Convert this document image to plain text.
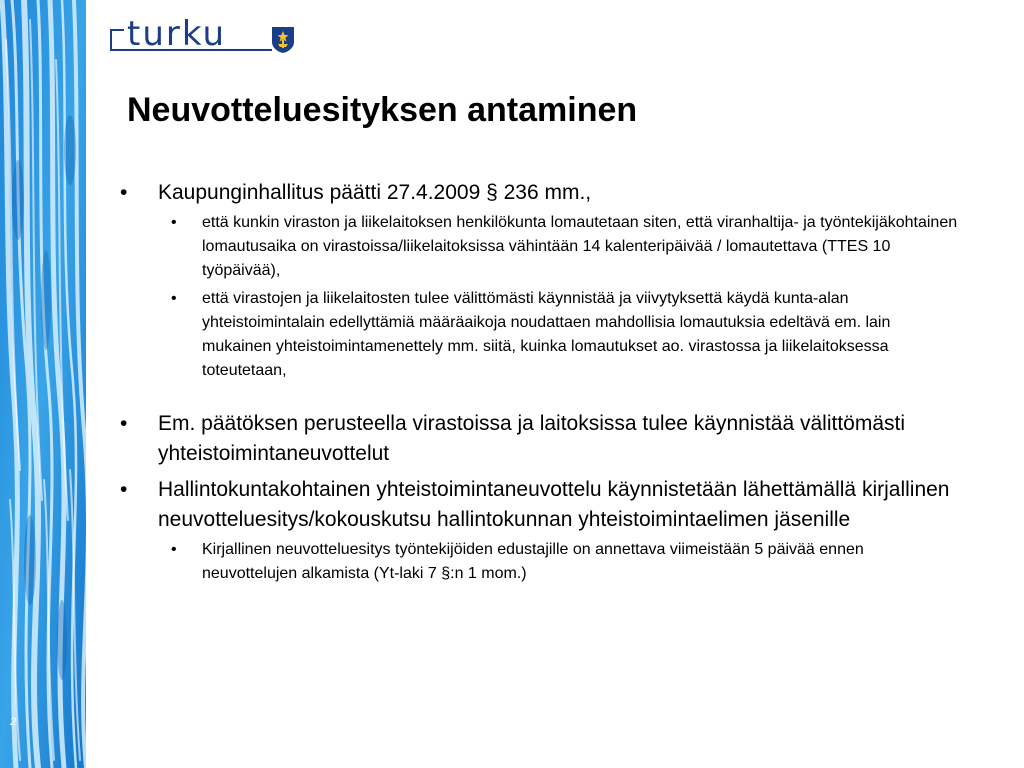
2
turku
Neuvotteluesityksen antaminen
• Kaupunginhallitus päätti 27.4.2009 § 236 mm.,
• että kunkin viraston ja liikelaitoksen henkilökunta lomautetaan siten, että viranhaltija- ja työntekijäkohtainen lomautusaika on virastoissa/liikelaitoksissa vähintään 14 kalenteripäivää / lomautettava (TTES 10 työpäivää),
• että virastojen ja liikelaitosten tulee välittömästi käynnistää ja viivytyksettä käydä kunta-alan yhteistoimintalain edellyttämiä määräaikoja noudattaen mahdollisia lomautuksia edeltävä em. lain mukainen yhteistoimintamenettely mm. siitä, kuinka lomautukset ao. virastossa ja liikelaitoksessa toteutetaan,
• Em. päätöksen perusteella virastoissa ja laitoksissa tulee käynnistää välittömästi yhteistoimintaneuvottelut
• Hallintokuntakohtainen yhteistoimintaneuvottelu käynnistetään lähettämällä kirjallinen neuvotteluesitys/kokouskutsu hallintokunnan yhteistoimintaelimen jäsenille
• Kirjallinen neuvotteluesitys työntekijöiden edustajille on annettava viimeistään 5 päivää ennen neuvottelujen alkamista (Yt-laki 7 §:n 1 mom.)
